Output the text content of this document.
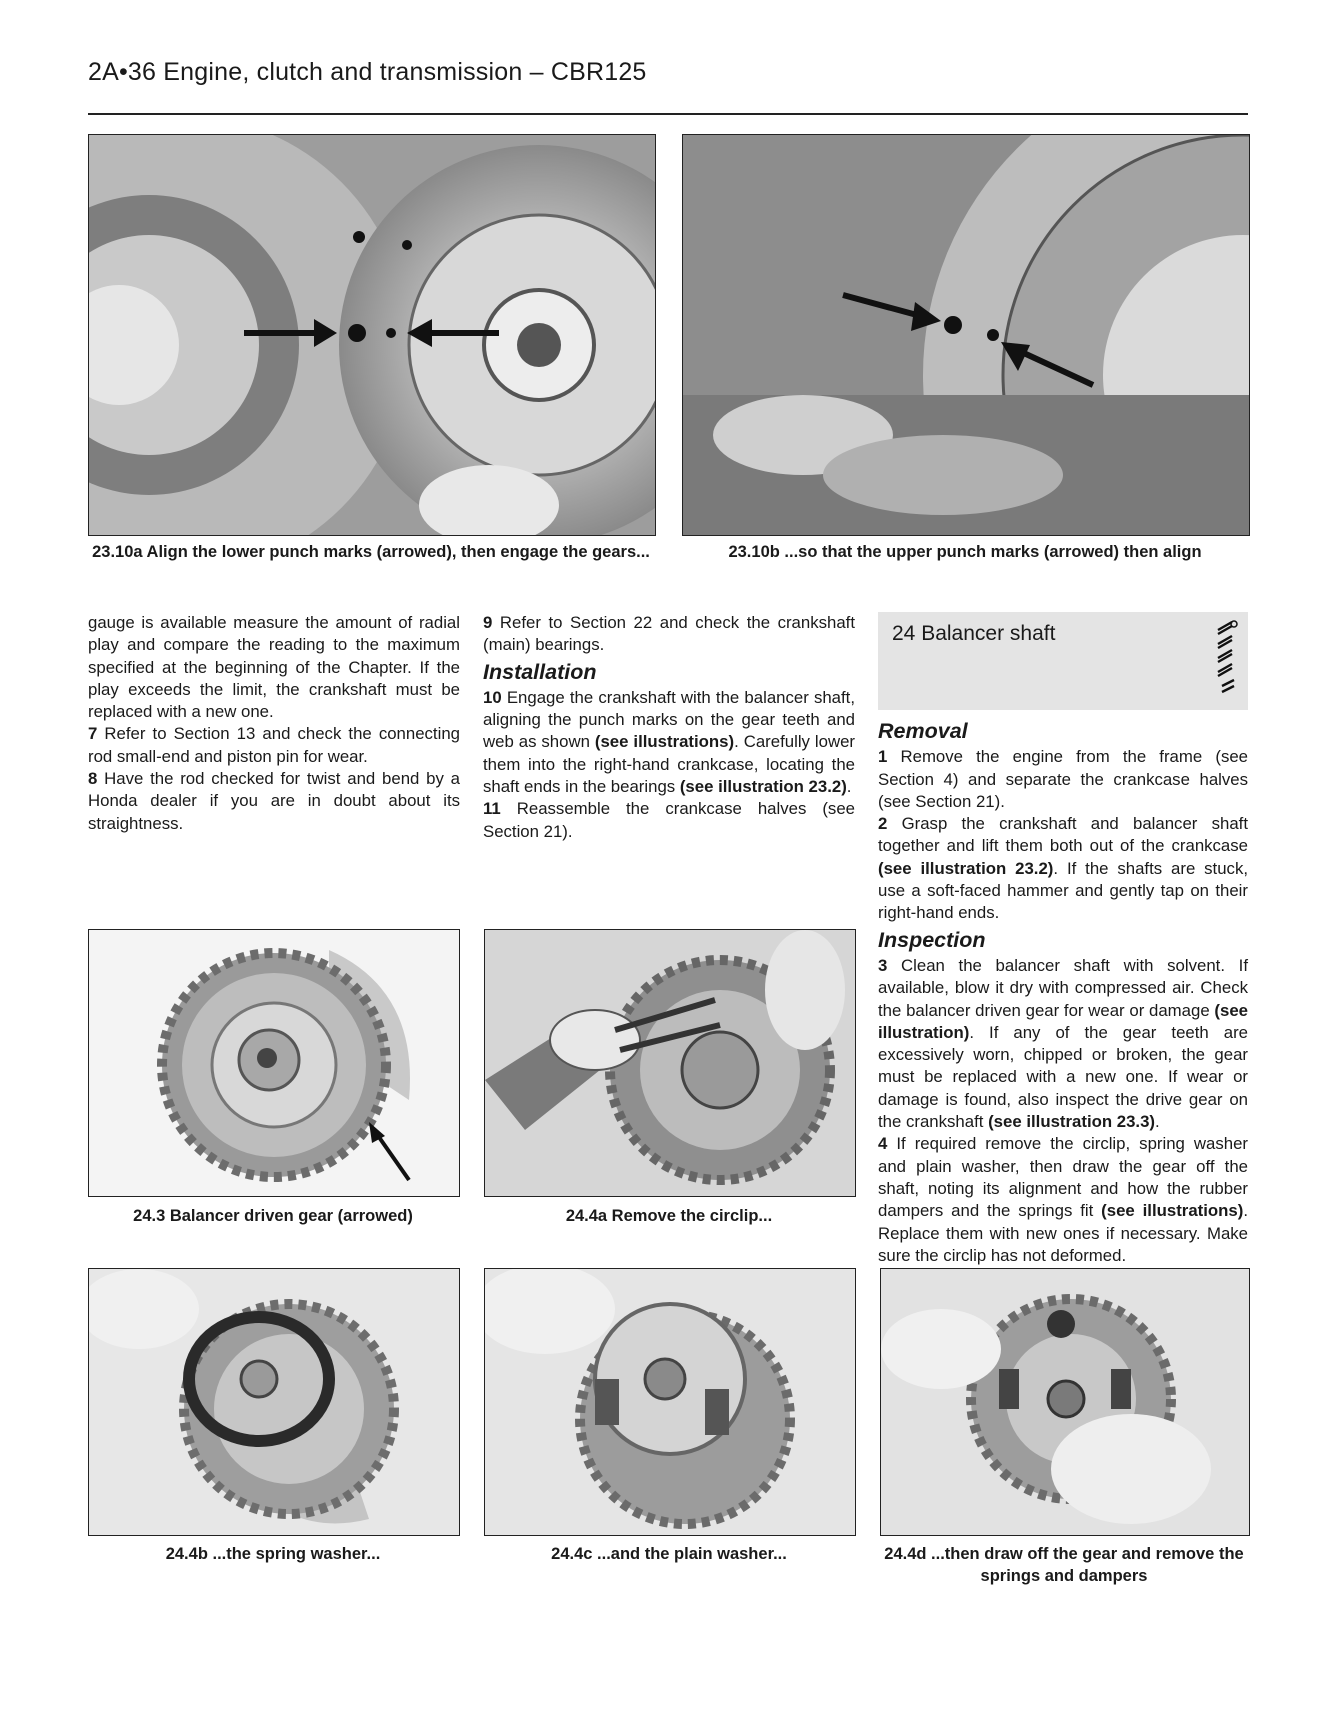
2A•36 Engine, clutch and transmission – CBR125
23.10a Align the lower punch marks (arrowed), then engage the gears...	23.10b ...so that the upper punch marks (arrowed) then align

gauge is available measure the amount of radial play and compare the reading to the maximum specified at the beginning of the Chapter. If the play exceeds the limit, the crankshaft must be replaced with a new one.

7 Refer to Section 13 and check the connecting rod small-end and piston pin for wear.

8 Have the rod checked for twist and bend by a Honda dealer if you are in doubt about its straightness.

9 Refer to Section 22 and check the crankshaft (main) bearings.

Installation

10 Engage the crankshaft with the balancer shaft, aligning the punch marks on the gear teeth and web as shown (see illustrations). Carefully lower them into the right-hand crankcase, locating the shaft ends in the bearings (see illustration 23.2).

11 Reassemble the crankcase halves (see Section 21).

24 Balancer shaft
Removal

1 Remove the engine from the frame (see Section 4) and separate the crankcase halves (see Section 21).

2 Grasp the crankshaft and balancer shaft together and lift them both out of the crankcase (see illustration 23.2). If the shafts are stuck, use a soft-faced hammer and gently tap on their right-hand ends.

Inspection

3 Clean the balancer shaft with solvent. If available, blow it dry with compressed air. Check the balancer driven gear for wear or damage (see illustration). If any of the gear teeth are excessively worn, chipped or broken, the gear must be replaced with a new one. If wear or damage is found, also inspect the drive gear on the crankshaft (see illustration 23.3).

4 If required remove the circlip, spring washer and plain washer, then draw the gear off the shaft, noting its alignment and how the rubber dampers and the springs fit (see illustrations). Replace them with new ones if necessary. Make sure the circlip has not deformed.

24.3 Balancer driven gear (arrowed)	24.4a Remove the circlip...
24.4b ...the spring washer...	24.4c ...and the plain washer...	24.4d ...then draw off the gear and remove the springs and dampers
